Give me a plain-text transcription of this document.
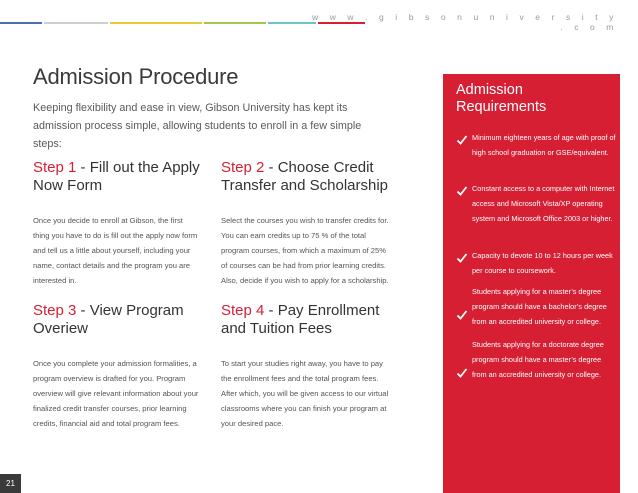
w w w . g i b s o n u n i v e r s i t y . c o m
Admission Procedure

Keeping flexibility and ease in view, Gibson University has kept its admission process simple, allowing students to enroll in a few simple steps:

Step 1 - Fill out the Apply Now Form

Once you decide to enroll at Gibson, the first thing you have to do is fill out the apply now form and tell us a little about yourself, including your name, contact details and the program you are interested in.

Step 2 - Choose Credit Transfer and Scholarship

Select the courses you wish to transfer credits for. You can earn credits up to 75 % of the total program courses, from which a maximum of 25% of courses can be had from prior learning credits. Also, decide if you wish to apply for a scholarship.

Step 3 - View Program Overiew

Once you complete your admission formalities, a program overview is drafted for you. Program overview will give relevant information about your finalized credit transfer courses, prior learning credits, financial aid and total program fees.

Step 4 - Pay Enrollment and Tuition Fees

To start your studies right away, you have to pay the enrollment fees and the total program fees. After which, you will be given access to our virtual classrooms where you can finish your program at your desired pace.

Admission Requirements

Minimum eighteen years of age with proof of high school graduation or GSE/equivalent.

Constant access to a computer with Internet access and Microsoft Vista/XP operating system and Microsoft Office 2003 or higher.

Capacity to devote 10 to 12 hours per week per course to coursework.

Students applying for a master’s degree program should have a bachelor’s degree from an accredited university or college.

Students applying for a doctorate degree program should have a master’s degree from an accredited university or college.

21
